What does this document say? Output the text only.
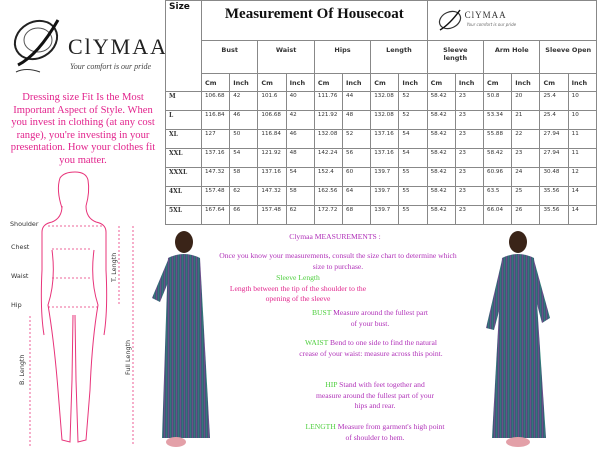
ClYMAA
Your comfort is our pride
Dressing size Fit Is the Most Important Aspect of Style. When you invest in clothing (at any cost range), you're investing in your presentation. How your clothes fit you matter.
Size	Measurement Of Housecoat								ClYMAA
Your comfort is our pride					

	Bust		Waist		Hips		Length		Sleeve length		Arm Hole		Sleeve Open	
	Cm	Inch	Cm	Inch	Cm	Inch	Cm	Inch	Cm	Inch	Cm	Inch	Cm	Inch
M	106.68	42	101.6	40	111.76	44	132.08	52	58.42	23	50.8	20	25.4	10
L	116.84	46	106.68	42	121.92	48	132.08	52	58.42	23	53.34	21	25.4	10
XL	127	50	116.84	46	132.08	52	137.16	54	58.42	23	55.88	22	27.94	11
XXL	137.16	54	121.92	48	142.24	56	137.16	54	58.42	23	58.42	23	27.94	11
XXXL	147.32	58	137.16	54	152.4	60	139.7	55	58.42	23	60.96	24	30.48	12
4XL	157.48	62	147.32	58	162.56	64	139.7	55	58.42	23	63.5	25	35.56	14
5XL	167.64	66	157.48	62	172.72	68	139.7	55	58.42	23	66.04	26	35.56	14
Shoulder
Chest
Waist
Hip
T. Length
Full Length
B. Length
Clymaa MEASUREMENTS :
Once you know your measurements, consult the size chart to determine which size to purchase.
Sleeve Length
Length between the tip of the shoulder to the opening of the sleeve
BUST Measure around the fullest part of your bust.
WAIST Bend to one side to find the natural crease of your waist: measure across this point.
HIP Stand with feet together and measure around the fullest part of your hips and rear.
LENGTH Measure from garment's high point of shoulder to hem.
